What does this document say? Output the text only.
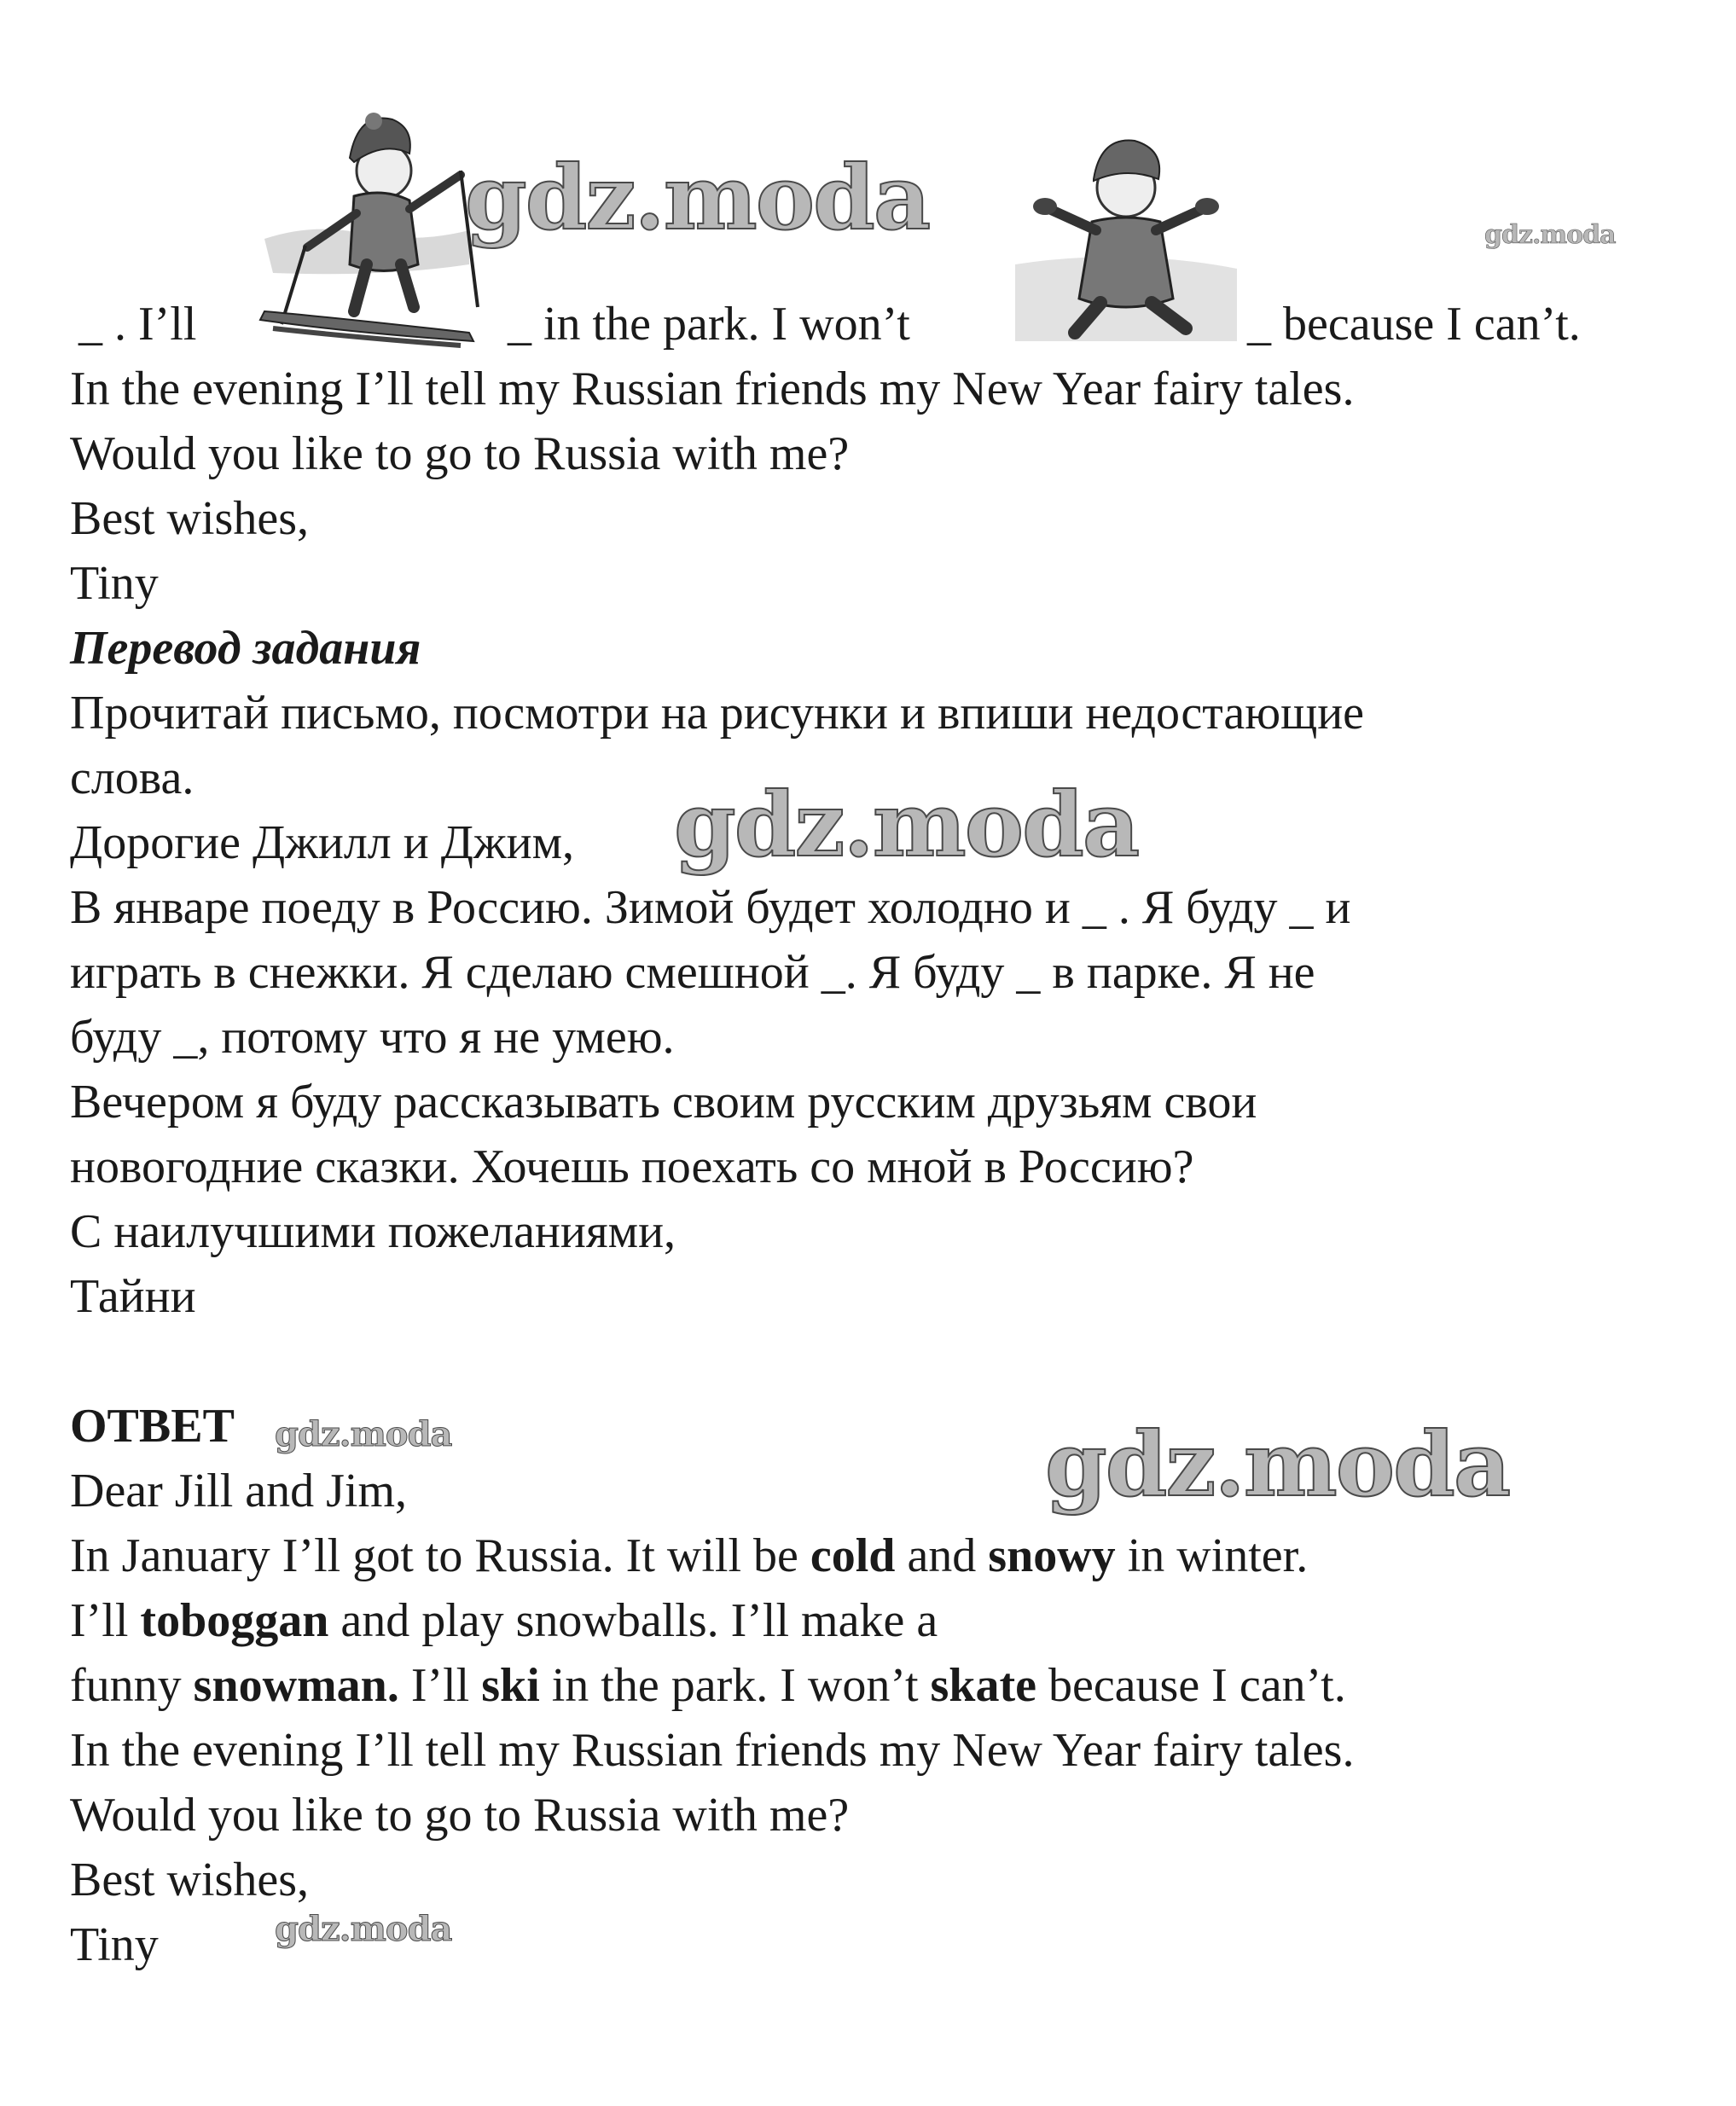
gdz.moda	gdz.moda
gdz.moda
gdz.moda	gdz.moda
gdz.moda
_ . I’ll	_ in the park. I won’t	_ because I can’t.
In the evening I’ll tell my Russian friends my New Year fairy tales.
Would you like to go to Russia with me?
Best wishes,
Tiny
Перевод задания
Прочитай письмо, посмотри на рисунки и впиши недостающие
слова.
Дорогие Джилл и Джим,
В январе поеду в Россию. Зимой будет холодно и _ . Я буду _ и
играть в снежки. Я сделаю смешной _. Я буду _ в парке. Я не
буду _, потому что я не умею.
Вечером я буду рассказывать своим русским друзьям свои
новогодние сказки. Хочешь поехать со мной в Россию?
С наилучшими пожеланиями,
Тайни
ОТВЕТ
Dear Jill and Jim,
In January I’ll got to Russia. It will be cold and snowy in winter.
I’ll toboggan and play snowballs. I’ll make a
funny snowman. I’ll ski in the park. I won’t skate because I can’t.
In the evening I’ll tell my Russian friends my New Year fairy tales.
Would you like to go to Russia with me?
Best wishes,
Tiny
